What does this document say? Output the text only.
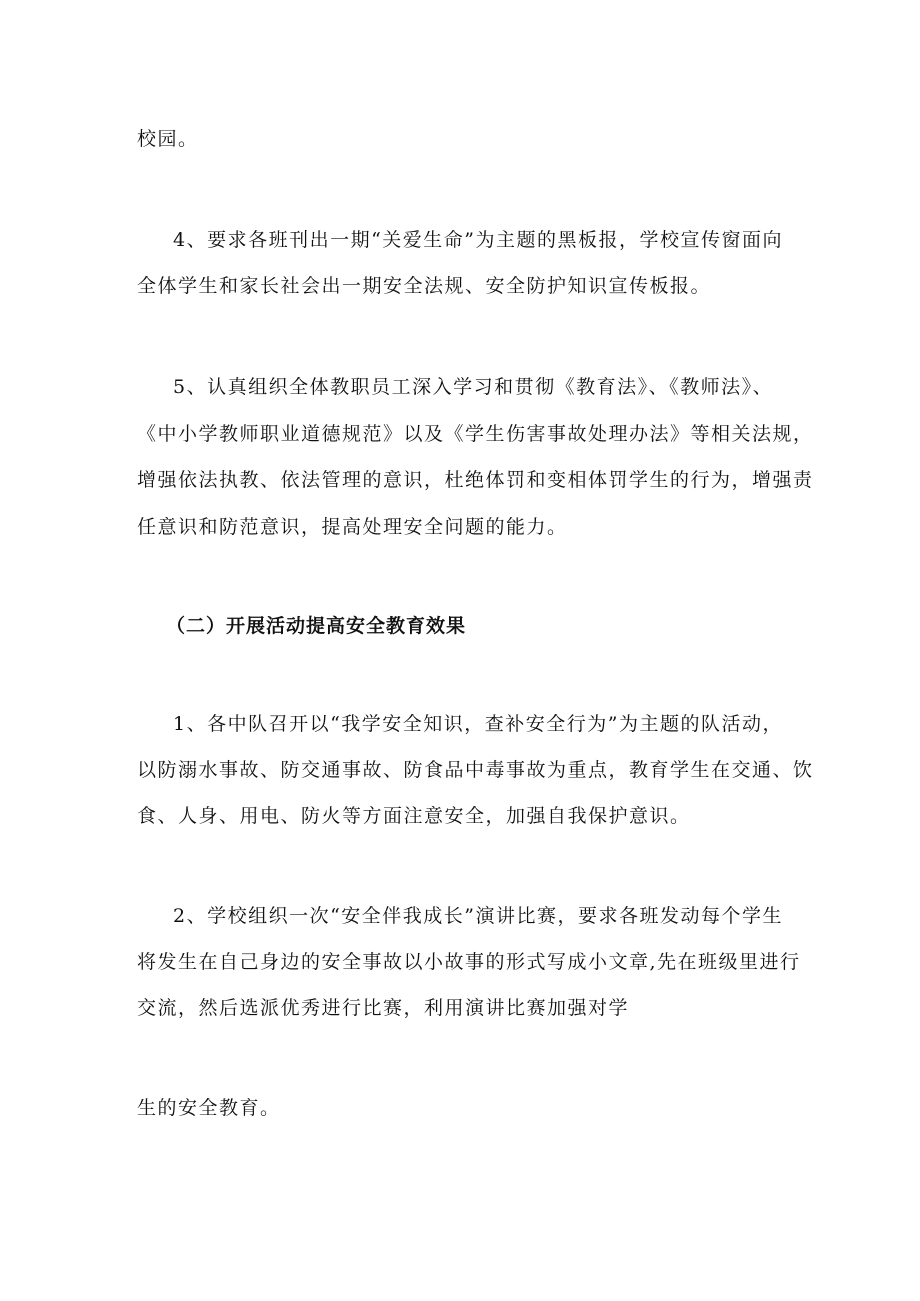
校园。
4、要求各班刊出一期“关爱生命”为主题的黑板报，学校宣传窗面向
全体学生和家长社会出一期安全法规、安全防护知识宣传板报。
5、认真组织全体教职员工深入学习和贯彻《教育法》、《教师法》、
《中小学教师职业道德规范》以及《学生伤害事故处理办法》等相关法规，
增强依法执教、依法管理的意识，杜绝体罚和变相体罚学生的行为，增强责
任意识和防范意识，提高处理安全问题的能力。
（二）开展活动提高安全教育效果
1、各中队召开以“我学安全知识，查补安全行为”为主题的队活动，
以防溺水事故、防交通事故、防食品中毒事故为重点，教育学生在交通、饮
食、人身、用电、防火等方面注意安全，加强自我保护意识。
2、学校组织一次“安全伴我成长”演讲比赛，要求各班发动每个学生
将发生在自己身边的安全事故以小故事的形式写成小文章,先在班级里进行
交流，然后选派优秀进行比赛，利用演讲比赛加强对学
生的安全教育。
